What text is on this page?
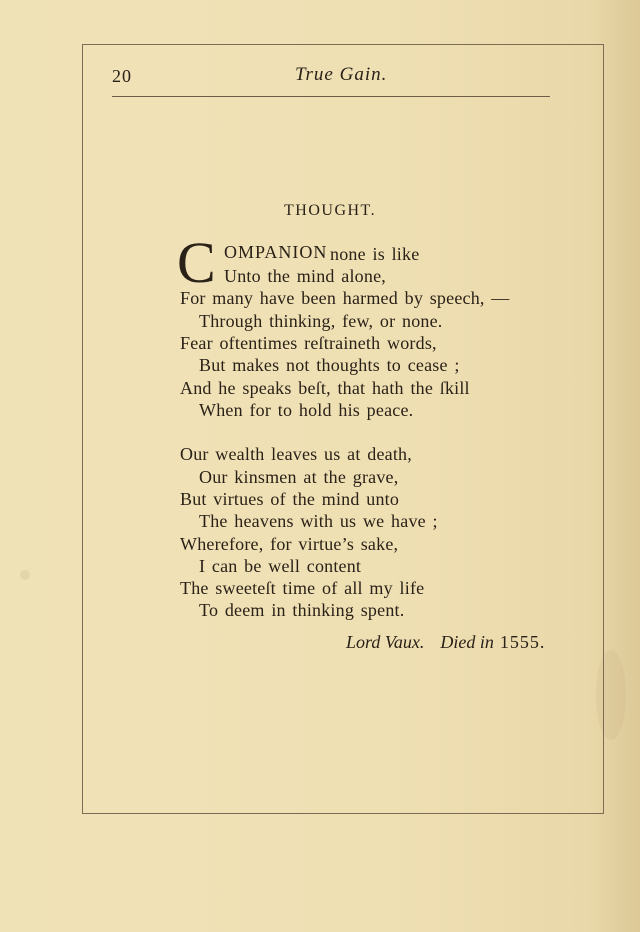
20	True Gain.
THOUGHT.
C OMPANION none is like
Unto the mind alone,
For many have been harmed by speech, —
Through thinking, few, or none.
Fear oftentimes reſtraineth words,
But makes not thoughts to cease ;
And he speaks beſt, that hath the ſkill
When for to hold his peace.
Our wealth leaves us at death,
Our kinsmen at the grave,
But virtues of the mind unto
The heavens with us we have ;
Wherefore, for virtue’s sake,
I can be well content
The sweeteſt time of all my life
To deem in thinking spent.
Lord Vaux. Died in 1555.
